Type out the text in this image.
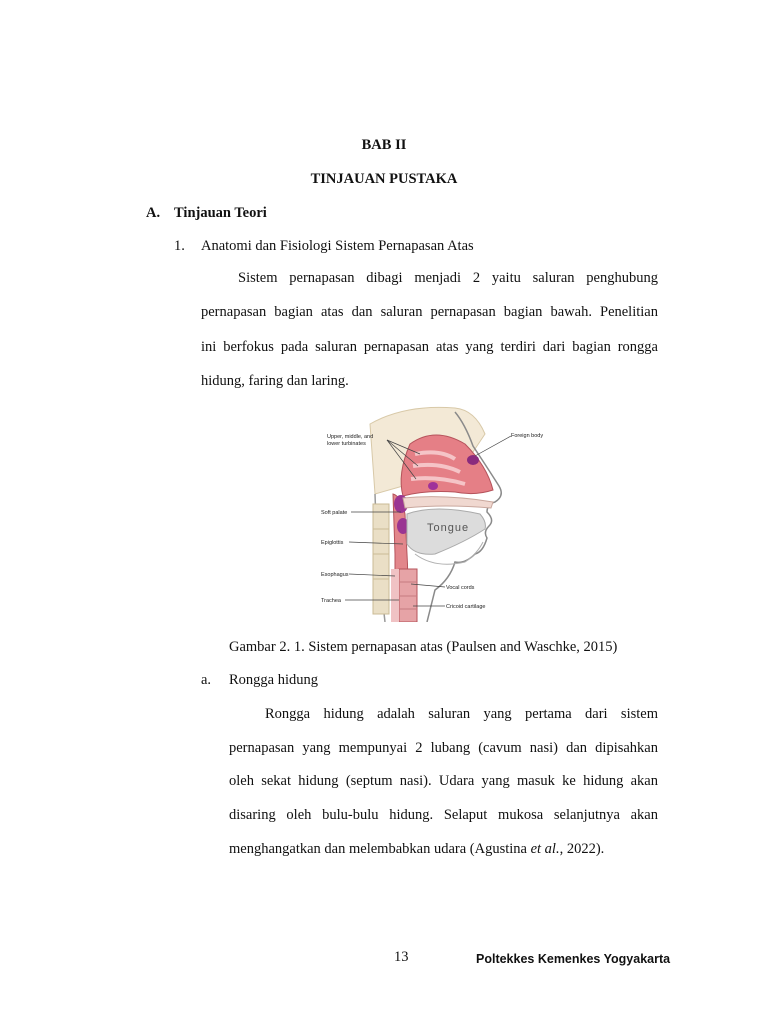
BAB II
TINJAUAN PUSTAKA
A. Tinjauan Teori
1. Anatomi dan Fisiologi Sistem Pernapasan Atas
Sistem pernapasan dibagi menjadi 2 yaitu saluran penghubung
pernapasan bagian atas dan saluran pernapasan bagian bawah. Penelitian
ini berfokus pada saluran pernapasan atas yang terdiri dari bagian rongga
hidung, faring dan laring.
Tongue
Upper, middle, and
lower turbinates
Foreign body
Soft palate
Epiglottis
Esophagus
Vocal cords
Trachea
Cricoid cartilage
Gambar 2. 1. Sistem pernapasan atas (Paulsen and Waschke, 2015)
a. Rongga hidung
Rongga hidung adalah saluran yang pertama dari sistem
pernapasan yang mempunyai 2 lubang (cavum nasi) dan dipisahkan
oleh sekat hidung (septum nasi). Udara yang masuk ke hidung akan
disaring oleh bulu-bulu hidung. Selaput mukosa selanjutnya akan
menghangatkan dan melembabkan udara (Agustina et al., 2022).
13	Poltekkes Kemenkes Yogyakarta
